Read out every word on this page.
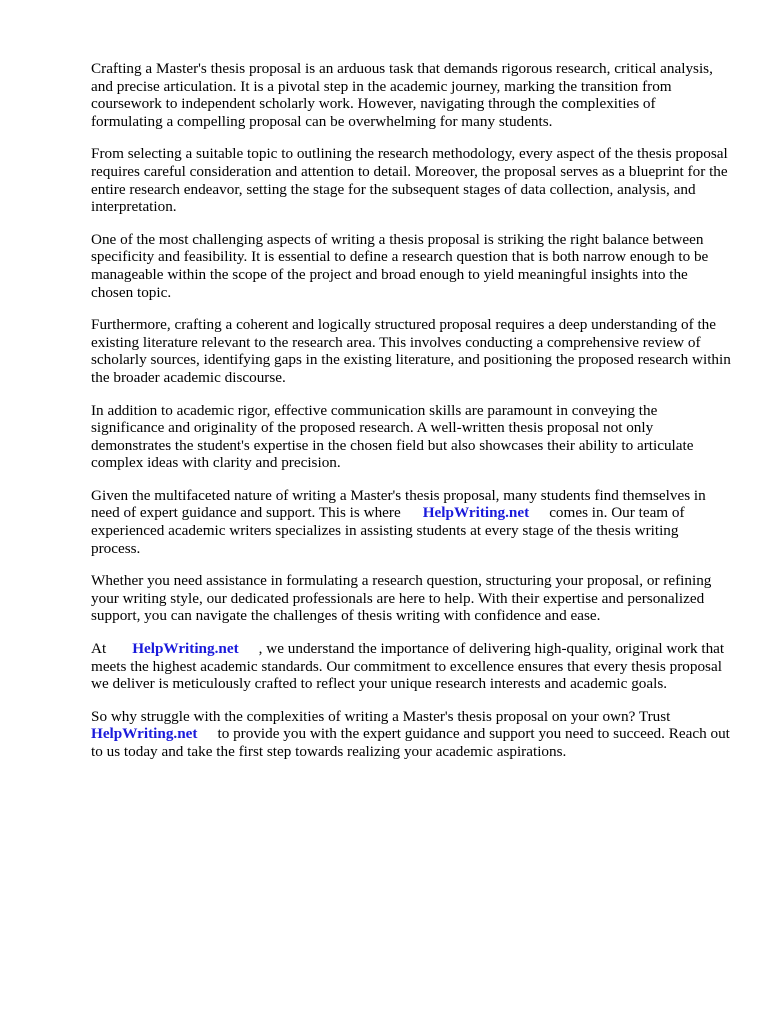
Crafting a Master's thesis proposal is an arduous task that demands rigorous research, critical analysis, and precise articulation. It is a pivotal step in the academic journey, marking the transition from coursework to independent scholarly work. However, navigating through the complexities of formulating a compelling proposal can be overwhelming for many students.

From selecting a suitable topic to outlining the research methodology, every aspect of the thesis proposal requires careful consideration and attention to detail. Moreover, the proposal serves as a blueprint for the entire research endeavor, setting the stage for the subsequent stages of data collection, analysis, and interpretation.

One of the most challenging aspects of writing a thesis proposal is striking the right balance between specificity and feasibility. It is essential to define a research question that is both narrow enough to be manageable within the scope of the project and broad enough to yield meaningful insights into the chosen topic.

Furthermore, crafting a coherent and logically structured proposal requires a deep understanding of the existing literature relevant to the research area. This involves conducting a comprehensive review of scholarly sources, identifying gaps in the existing literature, and positioning the proposed research within the broader academic discourse.

In addition to academic rigor, effective communication skills are paramount in conveying the significance and originality of the proposed research. A well-written thesis proposal not only demonstrates the student's expertise in the chosen field but also showcases their ability to articulate complex ideas with clarity and precision.

Given the multifaceted nature of writing a Master's thesis proposal, many students find themselves in need of expert guidance and support. This is where HelpWriting.net comes in. Our team of experienced academic writers specializes in assisting students at every stage of the thesis writing process.

Whether you need assistance in formulating a research question, structuring your proposal, or refining your writing style, our dedicated professionals are here to help. With their expertise and personalized support, you can navigate the challenges of thesis writing with confidence and ease.

At HelpWriting.net , we understand the importance of delivering high-quality, original work that meets the highest academic standards. Our commitment to excellence ensures that every thesis proposal we deliver is meticulously crafted to reflect your unique research interests and academic goals.

So why struggle with the complexities of writing a Master's thesis proposal on your own? Trust HelpWriting.net to provide you with the expert guidance and support you need to succeed. Reach out to us today and take the first step towards realizing your academic aspirations.
